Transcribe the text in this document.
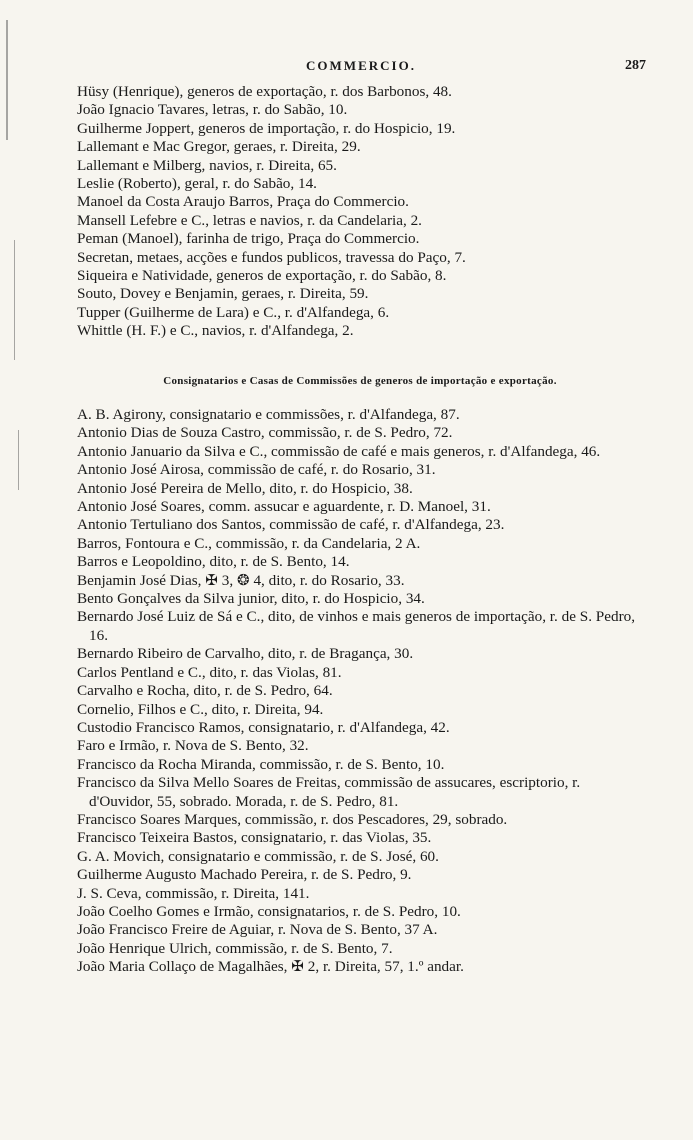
COMMERCIO.	287
Hüsy (Henrique), generos de exportação, r. dos Barbonos, 48.
João Ignacio Tavares, letras, r. do Sabão, 10.
Guilherme Joppert, generos de importação, r. do Hospicio, 19.
Lallemant e Mac Gregor, geraes, r. Direita, 29.
Lallemant e Milberg, navios, r. Direita, 65.
Leslie (Roberto), geral, r. do Sabão, 14.
Manoel da Costa Araujo Barros, Praça do Commercio.
Mansell Lefebre e C., letras e navios, r. da Candelaria, 2.
Peman (Manoel), farinha de trigo, Praça do Commercio.
Secretan, metaes, acções e fundos publicos, travessa do Paço, 7.
Siqueira e Natividade, generos de exportação, r. do Sabão, 8.
Souto, Dovey e Benjamin, geraes, r. Direita, 59.
Tupper (Guilherme de Lara) e C., r. d'Alfandega, 6.
Whittle (H. F.) e C., navios, r. d'Alfandega, 2.
Consignatarios e Casas de Commissões de generos de importação e exportação.
A. B. Agirony, consignatario e commissões, r. d'Alfandega, 87.
Antonio Dias de Souza Castro, commissão, r. de S. Pedro, 72.
Antonio Januario da Silva e C., commissão de café e mais generos, r. d'Alfandega, 46.
Antonio José Airosa, commissão de café, r. do Rosario, 31.
Antonio José Pereira de Mello, dito, r. do Hospicio, 38.
Antonio José Soares, comm. assucar e aguardente, r. D. Manoel, 31.
Antonio Tertuliano dos Santos, commissão de café, r. d'Alfandega, 23.
Barros, Fontoura e C., commissão, r. da Candelaria, 2 A.
Barros e Leopoldino, dito, r. de S. Bento, 14.
Benjamin José Dias, ✠ 3, ❂ 4, dito, r. do Rosario, 33.
Bento Gonçalves da Silva junior, dito, r. do Hospicio, 34.
Bernardo José Luiz de Sá e C., dito, de vinhos e mais generos de importação, r. de S. Pedro, 16.
Bernardo Ribeiro de Carvalho, dito, r. de Bragança, 30.
Carlos Pentland e C., dito, r. das Violas, 81.
Carvalho e Rocha, dito, r. de S. Pedro, 64.
Cornelio, Filhos e C., dito, r. Direita, 94.
Custodio Francisco Ramos, consignatario, r. d'Alfandega, 42.
Faro e Irmão, r. Nova de S. Bento, 32.
Francisco da Rocha Miranda, commissão, r. de S. Bento, 10.
Francisco da Silva Mello Soares de Freitas, commissão de assucares, escriptorio, r. d'Ouvidor, 55, sobrado. Morada, r. de S. Pedro, 81.
Francisco Soares Marques, commissão, r. dos Pescadores, 29, sobrado.
Francisco Teixeira Bastos, consignatario, r. das Violas, 35.
G. A. Movich, consignatario e commissão, r. de S. José, 60.
Guilherme Augusto Machado Pereira, r. de S. Pedro, 9.
J. S. Ceva, commissão, r. Direita, 141.
João Coelho Gomes e Irmão, consignatarios, r. de S. Pedro, 10.
João Francisco Freire de Aguiar, r. Nova de S. Bento, 37 A.
João Henrique Ulrich, commissão, r. de S. Bento, 7.
João Maria Collaço de Magalhães, ✠ 2, r. Direita, 57, 1.º andar.
